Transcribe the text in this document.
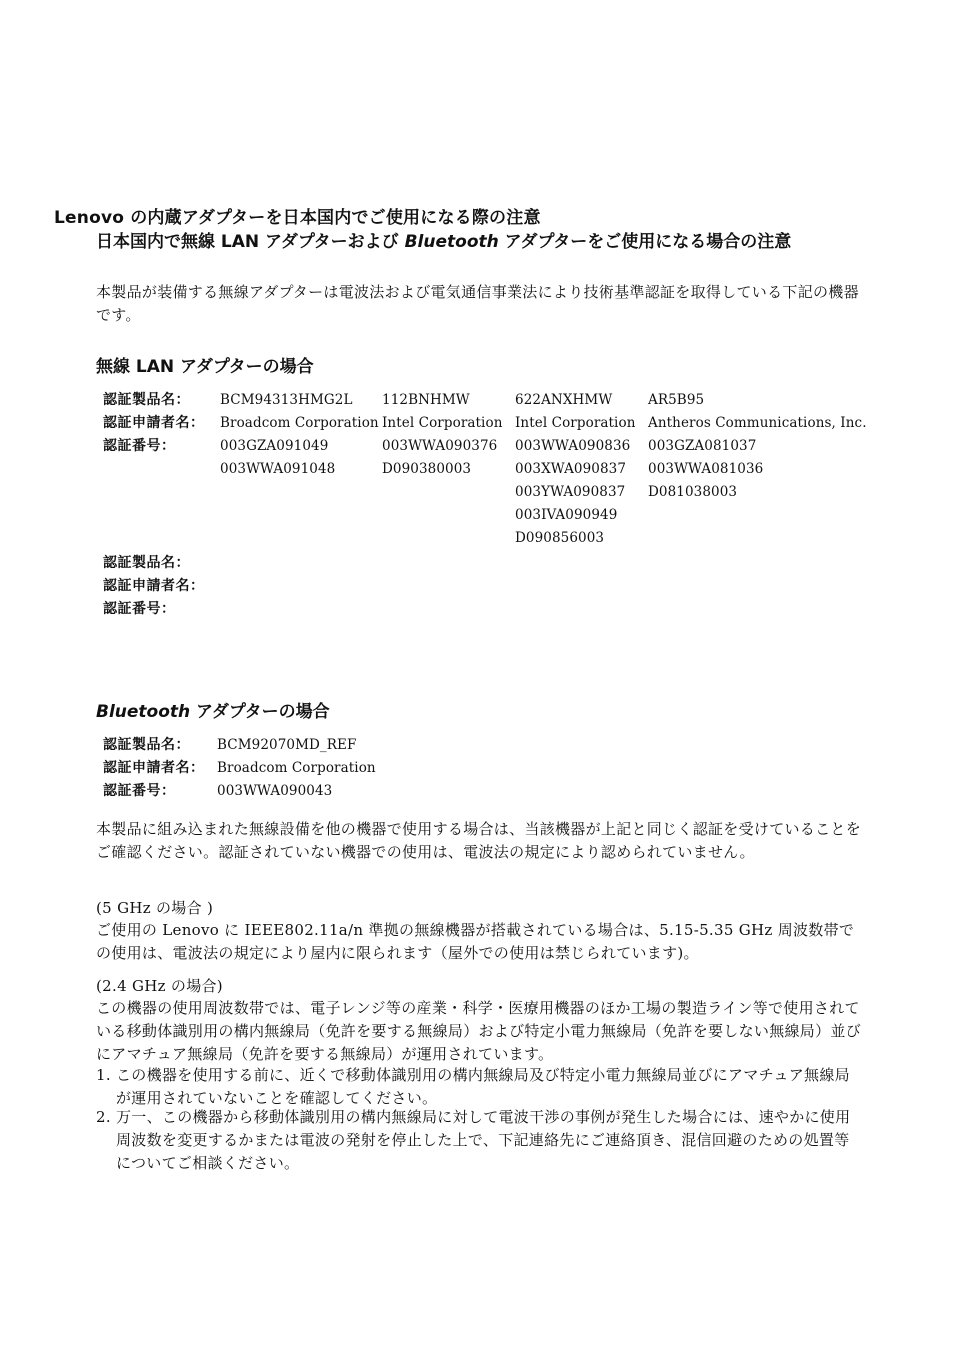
Lenovo の内蔵アダプターを日本国内でご使用になる際の注意
日本国内で無線 LAN アダプターおよび Bluetooth アダプターをご使用になる場合の注意
本製品が装備する無線アダプターは電波法および電気通信事業法により技術基準認証を取得している下記の機器です。
無線 LAN アダプターの場合
認証製品名：
認証申請者名：
認証番号：
BCM94313HMG2L
Broadcom Corporation
003GZA091049
003WWA091048
112BNHMW
Intel Corporation
003WWA090376
D090380003
622ANXHMW
Intel Corporation
003WWA090836
003XWA090837
003YWA090837
003IVA090949
D090856003
AR5B95
Antheros Communications, Inc.
003GZA081037
003WWA081036
D081038003
認証製品名：
認証申請者名：
認証番号：
Bluetooth アダプターの場合
認証製品名：
認証申請者名：
認証番号：
BCM92070MD_REF
Broadcom Corporation
003WWA090043
本製品に組み込まれた無線設備を他の機器で使用する場合は、当該機器が上記と同じく認証を受けていることをご確認ください。認証されていない機器での使用は、電波法の規定により認められていません。
(5 GHz の場合 )
ご使用の Lenovo に IEEE802.11a/n 準拠の無線機器が搭載されている場合は、5.15-5.35 GHz 周波数帯での使用は、電波法の規定により屋内に限られます（屋外での使用は禁じられています)。
(2.4 GHz の場合)
この機器の使用周波数帯では、電子レンジ等の産業・科学・医療用機器のほか工場の製造ライン等で使用されている移動体識別用の構内無線局（免許を要する無線局）および特定小電力無線局（免許を要しない無線局）並びにアマチュア無線局（免許を要する無線局）が運用されています。
1. この機器を使用する前に、近くで移動体識別用の構内無線局及び特定小電力無線局並びにアマチュア無線局が運用されていないことを確認してください。
2. 万一、この機器から移動体識別用の構内無線局に対して電波干渉の事例が発生した場合には、速やかに使用周波数を変更するかまたは電波の発射を停止した上で、下記連絡先にご連絡頂き、混信回避のための処置等についてご相談ください。
